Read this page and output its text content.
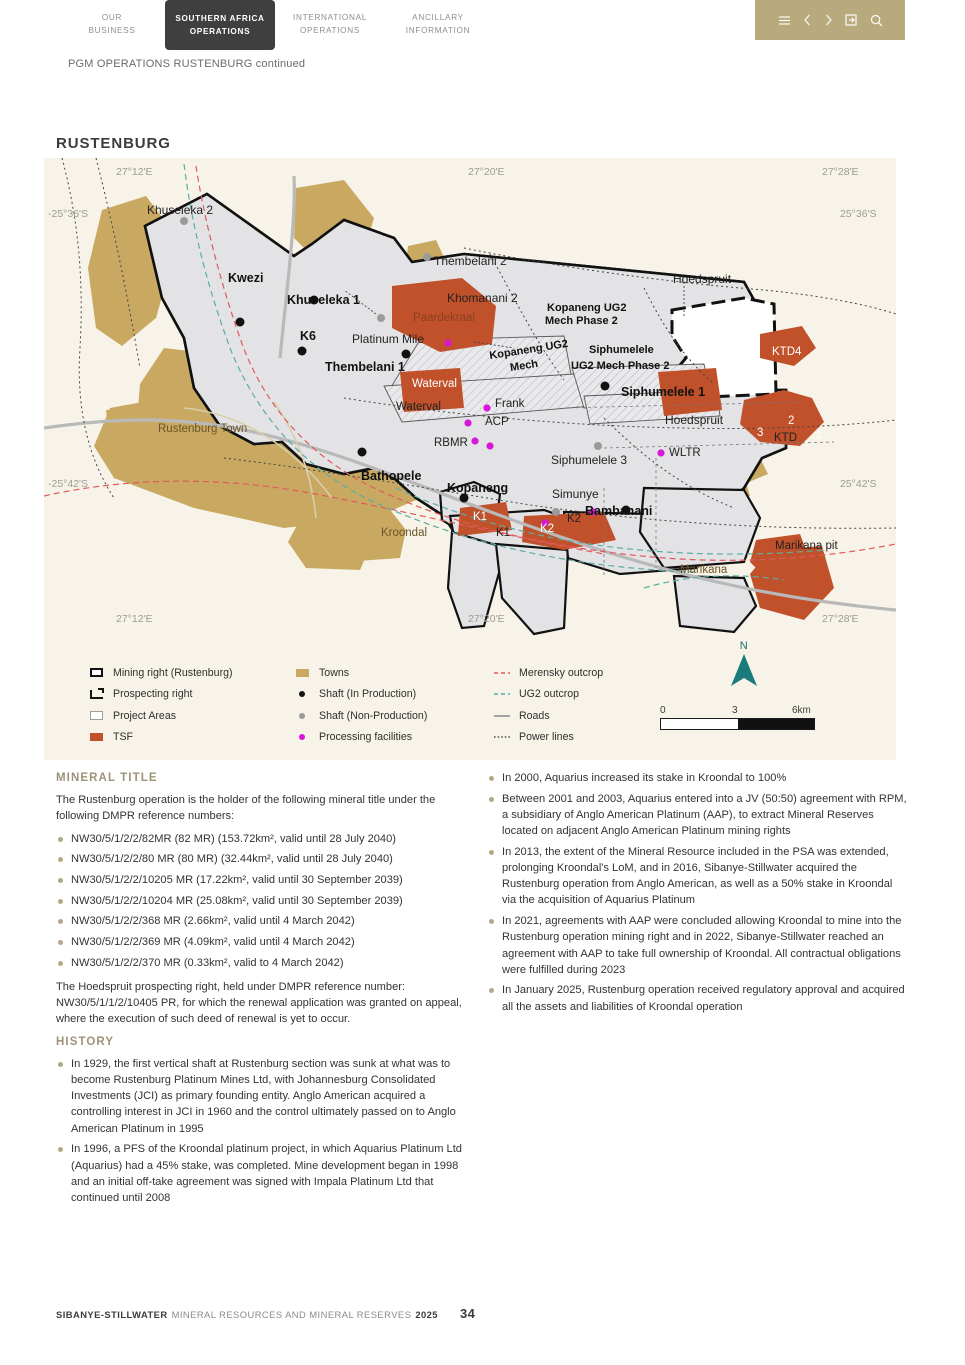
OUR
BUSINESS
SOUTHERN AFRICA
OPERATIONS
INTERNATIONAL
OPERATIONS
ANCILLARY
INFORMATION
PGM OPERATIONS RUSTENBURG continued
RUSTENBURG
27°12'E	27°20'E	27°28'E
-25°36'S	25°36'S
-25°42'S	25°42'S
27°12'E	27°20'E	27°28'E
Kwezi
Khuseleka 1
K6
Thembelani 1
Bathopele
Kopaneng
Bambanani
Siphumelele 1
Khuseleka 2
Thembelani 2
Khomanani 2
Platinum Mile
Siphumelele 3
Simunye
Hoedspruit
Hoedspruit
Kopaneng UG2
Mech Phase 2
Kopaneng UG2
Mech
Siphumelele
UG2 Mech Phase 2
Paardekraal
Waterval
KTD4
KTD 1
2
3
K1
K2
Marikana pit
Rustenburg Town
Kroondal
Marikana
Waterval	Frank
ACP
RBMR
WLTR
K1
K2
Mining right (Rustenburg)
Prospecting right
Project Areas
TSF
Towns
Shaft (In Production)
Shaft (Non-Production)
Processing facilities
Merensky outcrop
UG2 outcrop
Roads
Power lines
N
0	3	6km
MINERAL TITLE

The Rustenburg operation is the holder of the following mineral title under the following DMPR reference numbers:

NW30/5/1/2/2/82MR (82 MR) (153.72km², valid until 28 July 2040)
NW30/5/1/2/2/80 MR (80 MR) (32.44km², valid until 28 July 2040)
NW30/5/1/2/2/10205 MR (17.22km², valid until 30 September 2039)
NW30/5/1/2/2/10204 MR (25.08km², valid until 30 September 2039)
NW30/5/1/2/2/368 MR (2.66km², valid until 4 March 2042)
NW30/5/1/2/2/369 MR (4.09km², valid until 4 March 2042)
NW30/5/1/2/2/370 MR (0.33km², valid to 4 March 2042)

The Hoedspruit prospecting right, held under DMPR reference number: NW30/5/1/1/2/10405 PR, for which the renewal application was granted on appeal, where the execution of such deed of renewal is yet to occur.

HISTORY
In 1929, the first vertical shaft at Rustenburg section was sunk at what was to become Rustenburg Platinum Mines Ltd, with Johannesburg Consolidated Investments (JCI) as primary founding entity. Anglo American acquired a controlling interest in JCI in 1960 and the control ultimately passed on to Anglo American Platinum in 1995
In 1996, a PFS of the Kroondal platinum project, in which Aquarius Platinum Ltd (Aquarius) had a 45% stake, was completed. Mine development began in 1998 and an initial off-take agreement was signed with Impala Platinum Ltd that continued until 2008
In 2000, Aquarius increased its stake in Kroondal to 100%
Between 2001 and 2003, Aquarius entered into a JV (50:50) agreement with RPM, a subsidiary of Anglo American Platinum (AAP), to extract Mineral Reserves located on adjacent Anglo American Platinum mining rights
In 2013, the extent of the Mineral Resource included in the PSA was extended, prolonging Kroondal's LoM, and in 2016, Sibanye-Stillwater acquired the Rustenburg operation from Anglo American, as well as a 50% stake in Kroondal via the acquisition of Aquarius Platinum
In 2021, agreements with AAP were concluded allowing Kroondal to mine into the Rustenburg operation mining right and in 2022, Sibanye-Stillwater reached an agreement with AAP to take full ownership of Kroondal. All contractual obligations were fulfilled during 2023
In January 2025, Rustenburg operation received regulatory approval and acquired all the assets and liabilities of Kroondal operation
SIBANYE-STILLWATER MINERAL RESOURCES AND MINERAL RESERVES 2025 34
